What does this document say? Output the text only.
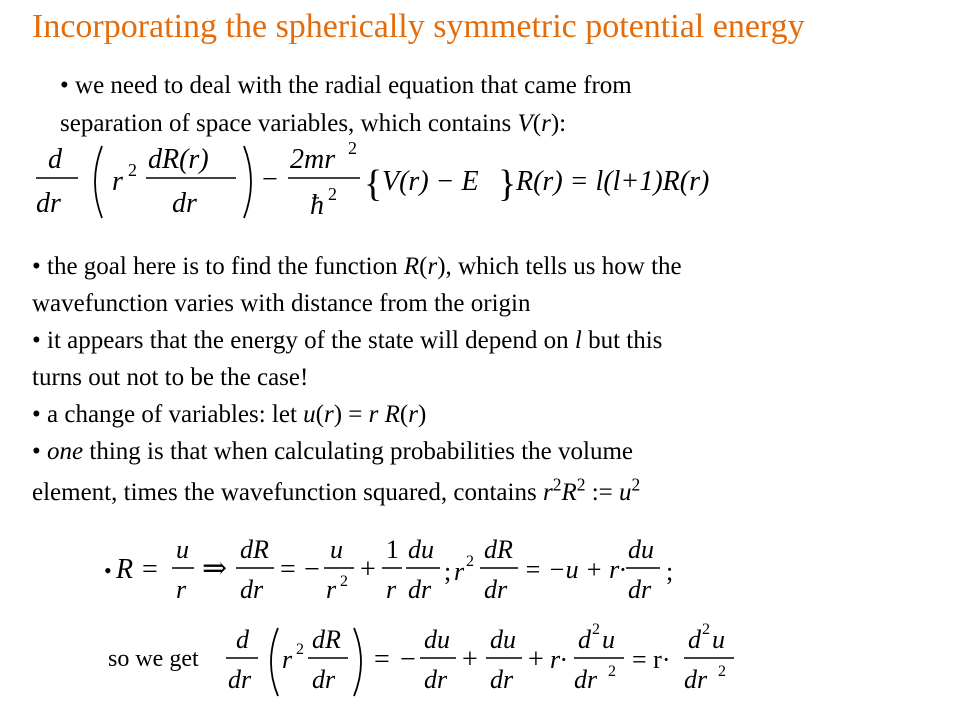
Incorporating the spherically symmetric potential energy
• we need to deal with the radial equation that came from
separation of space variables, which contains V(r):
d
dr
r 2 dR(r)
dr
−
2mr 2
ħ 2 { V(r) − E } R(r) = l(l+1)R(r)
• the goal here is to find the function R(r), which tells us how the
wavefunction varies with distance from the origin
• it appears that the energy of the state will depend on l but this
turns out not to be the case!
• a change of variables: let u(r) = r R(r)
• one thing is that when calculating probabilities the volume
element, times the wavefunction squared, contains $r^2R^2$ := $u^2$
• R =
u
r
⇒
dR
dr
= −
u
r 2 +
1
r
du
dr
; r 2 dR
dr
= −u + r·
du
dr
;
so we get
d
dr
r 2 dR
dr
= −
du
dr
+
du
dr
+ r·
d 2 u
dr 2 = r·
d 2 u
dr 2
